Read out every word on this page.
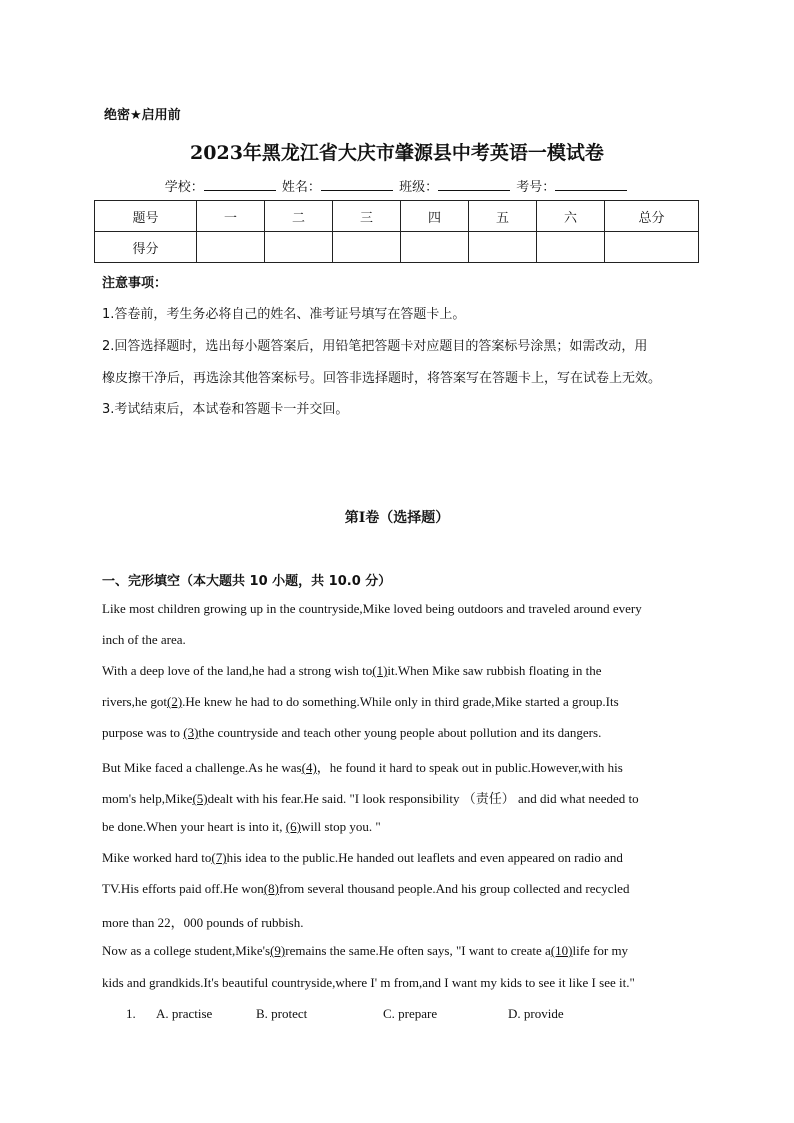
绝密★启用前
2023年黑龙江省大庆市肇源县中考英语一模试卷
学校：	姓名：	班级：	考号：
题号	一	二	三	四	五	六	总分
得分							
注意事项：
1.答卷前，考生务必将自己的姓名、准考证号填写在答题卡上。
2.回答选择题时，选出每小题答案后，用铅笔把答题卡对应题目的答案标号涂黑；如需改动，用
橡皮擦干净后，再选涂其他答案标号。回答非选择题时，将答案写在答题卡上，写在试卷上无效。
3.考试结束后，本试卷和答题卡一并交回。
第Ⅰ卷（选择题）
一、完形填空（本大题共 10 小题，共 10.0 分）
Like most children growing up in the countryside,Mike loved being outdoors and traveled around every
inch of the area.
With a deep love of the land,he had a strong wish to(1)it.When Mike saw rubbish floating in the
rivers,he got(2).He knew he had to do something.While only in third grade,Mike started a group.Its
purpose was to (3)the countryside and teach other young people about pollution and its dangers.
But Mike faced a challenge.As he was(4)，he found it hard to speak out in public.However,with his
mom's help,Mike(5)dealt with his fear.He said. "I look responsibility （责任） and did what needed to
be done.When your heart is into it, (6)will stop you. "
Mike worked hard to(7)his idea to the public.He handed out leaflets and even appeared on radio and
TV.His efforts paid off.He won(8)from several thousand people.And his group collected and recycled
more than 22，000 pounds of rubbish.
Now as a college student,Mike's(9)remains the same.He often says, "I want to create a(10)life for my
kids and grandkids.It's beautiful countryside,where I' m from,and I want my kids to see it like I see it."
1. A. practise	B. protect	C. prepare	D. provide
